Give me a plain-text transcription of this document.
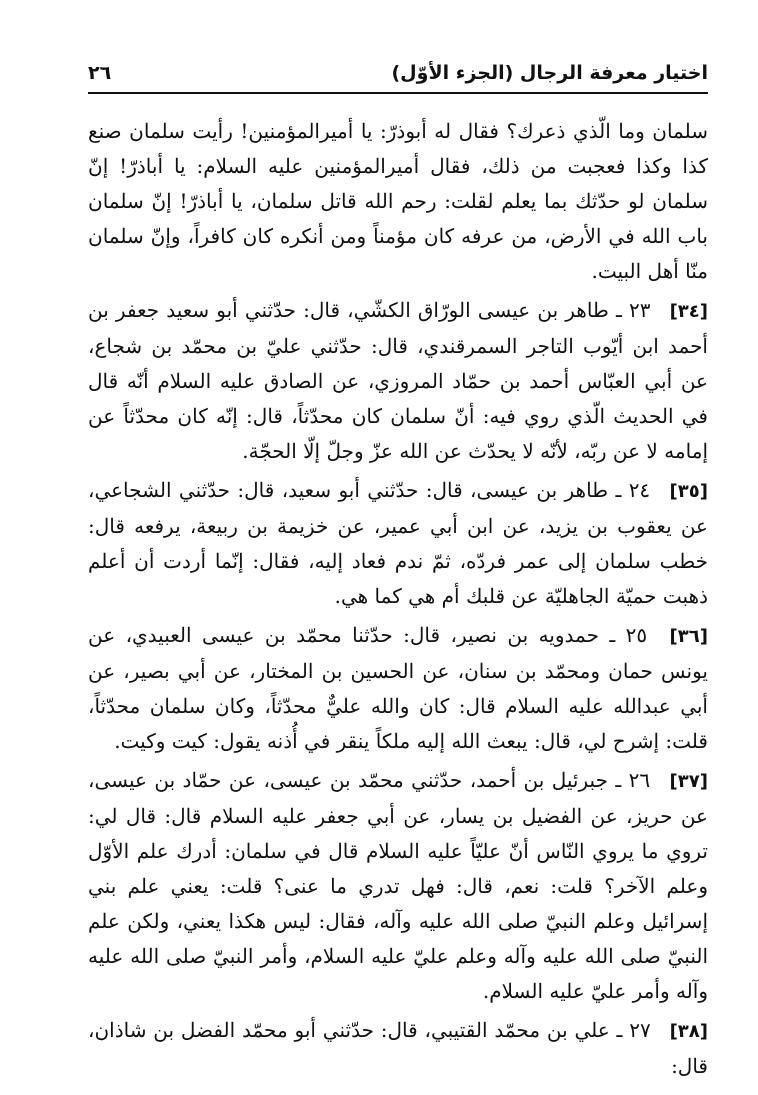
اختيار معرفة الرجال (الجزء الأوّل)
٢٦

سلمان وما الّذي ذعرك؟ فقال له أبوذرّ: يا أميرالمؤمنين! رأيت سلمان صنع كذا وكذا فعجبت من ذلك، فقال أميرالمؤمنين عليه السلام: يا أباذرّ! إنّ سلمان لو حدّثك بما يعلم لقلت: رحم الله قاتل سلمان، يا أباذرّ! إنّ سلمان باب الله في الأرض، من عرفه كان مؤمناً ومن أنكره كان كافراً، وإنّ سلمان منّا أهل البيت.

[٣٤] ٢٣ ـ طاهر بن عيسى الورّاق الكشّي، قال: حدّثني أبو سعيد جعفر بن أحمد ابن أيّوب التاجر السمرقندي، قال: حدّثني عليّ بن محمّد بن شجاع، عن أبي العبّاس أحمد بن حمّاد المروزي، عن الصادق عليه السلام أنّه قال في الحديث الّذي روي فيه: أنّ سلمان كان محدّثاً، قال: إنّه كان محدّثاً عن إمامه لا عن ربّه، لأنّه لا يحدّث عن الله عزّ وجلّ إلّا الحجّة.

[٣٥] ٢٤ ـ طاهر بن عيسى، قال: حدّثني أبو سعيد، قال: حدّثني الشجاعي، عن يعقوب بن يزيد، عن ابن أبي عمير، عن خزيمة بن ربيعة، يرفعه قال: خطب سلمان إلى عمر فردّه، ثمّ ندم فعاد إليه، فقال: إنّما أردت أن أعلم ذهبت حميّة الجاهليّة عن قلبك أم هي كما هي.

[٣٦] ٢٥ ـ حمدويه بن نصير، قال: حدّثنا محمّد بن عيسى العبيدي، عن يونس حمان ومحمّد بن سنان، عن الحسين بن المختار، عن أبي بصير، عن أبي عبدالله عليه السلام قال: كان والله عليٌّ محدّثاً، وكان سلمان محدّثاً، قلت: إشرح لي، قال: يبعث الله إليه ملكاً ينقر في أُذنه يقول: كيت وكيت.

[٣٧] ٢٦ ـ جبرئيل بن أحمد، حدّثني محمّد بن عيسى، عن حمّاد بن عيسى، عن حريز، عن الفضيل بن يسار، عن أبي جعفر عليه السلام قال: قال لي: تروي ما يروي النّاس أنّ عليّاً عليه السلام قال في سلمان: أدرك علم الأوّل وعلم الآخر؟ قلت: نعم، قال: فهل تدري ما عنى؟ قلت: يعني علم بني إسرائيل وعلم النبيّ صلى الله عليه وآله، فقال: ليس هكذا يعني، ولكن علم النبيّ صلى الله عليه وآله وعلم عليّ عليه السلام، وأمر النبيّ صلى الله عليه وآله وأمر عليّ عليه السلام.

[٣٨] ٢٧ ـ علي بن محمّد القتيبي، قال: حدّثني أبو محمّد الفضل بن شاذان، قال:
